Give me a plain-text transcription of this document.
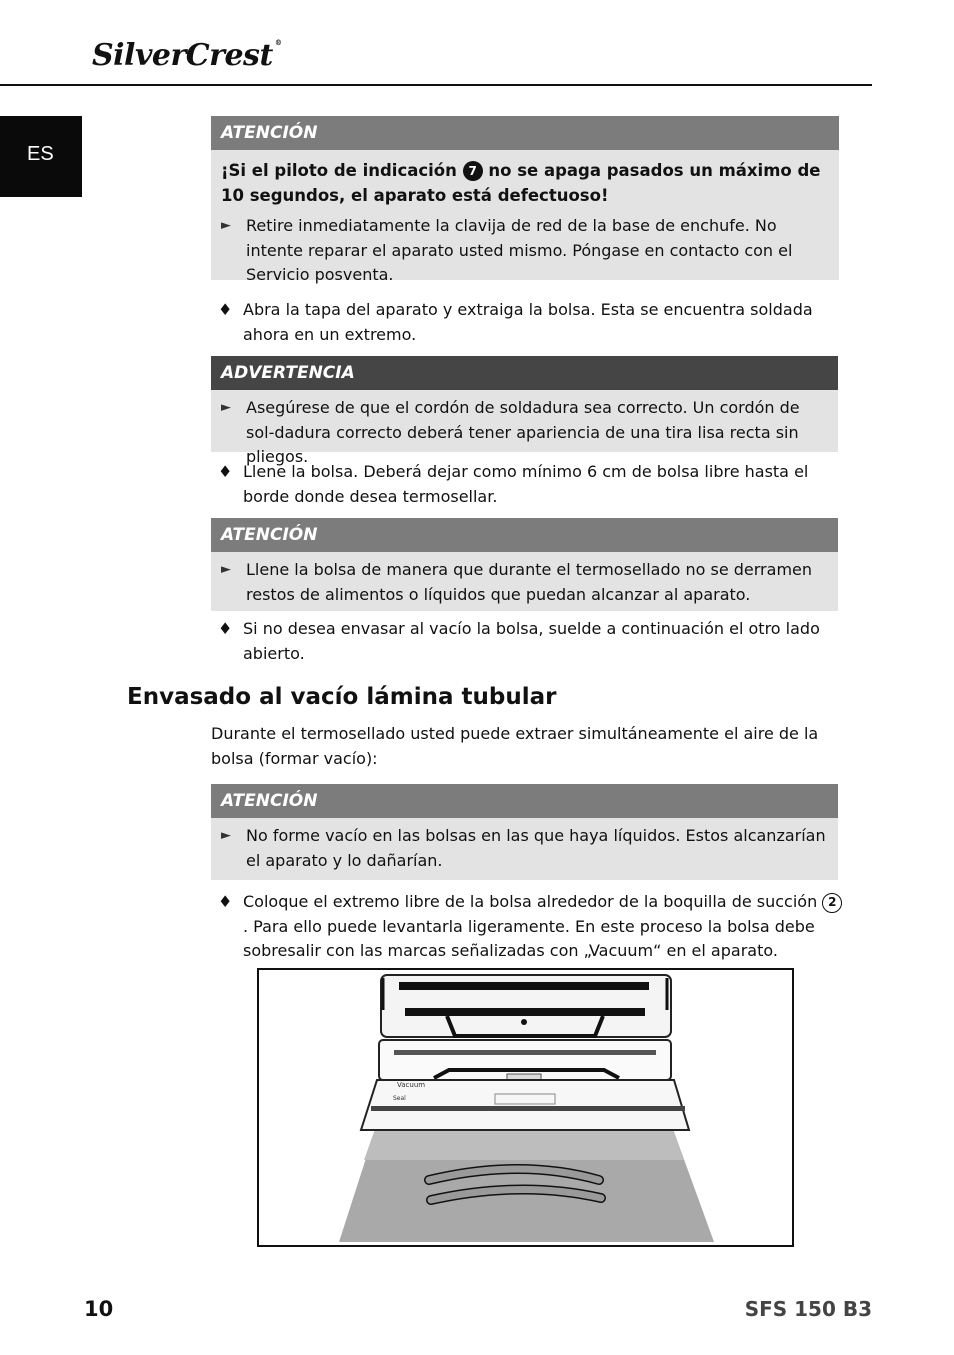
SilverCrest ®
ES
ATENCIÓN
¡Si el piloto de indicación 7 no se apaga pasados un máximo de 10 segundos, el aparato está defectuoso!
► Retire inmediatamente la clavija de red de la base de enchufe. No intente reparar el aparato usted mismo. Póngase en contacto con el Servicio posventa.
♦ Abra la tapa del aparato y extraiga la bolsa. Esta se encuentra soldada ahora en un extremo.
ADVERTENCIA
► Asegúrese de que el cordón de soldadura sea correcto. Un cordón de sol-dadura correcto deberá tener apariencia de una tira lisa recta sin pliegos.
♦ Llene la bolsa. Deberá dejar como mínimo 6 cm de bolsa libre hasta el borde donde desea termosellar.
ATENCIÓN
► Llene la bolsa de manera que durante el termosellado no se derramen restos de alimentos o líquidos que puedan alcanzar al aparato.
♦ Si no desea envasar al vacío la bolsa, suelde a continuación el otro lado abierto.
Envasado al vacío lámina tubular
Durante el termosellado usted puede extraer simultáneamente el aire de la bolsa (formar vacío):
ATENCIÓN
► No forme vacío en las bolsas en las que haya líquidos. Estos alcanzarían el aparato y lo dañarían.
♦ Coloque el extremo libre de la bolsa alrededor de la boquilla de succión 2. Para ello puede levantarla ligeramente. En este proceso la bolsa debe sobresalir con las marcas señalizadas con „Vacuum“ en el aparato.
Vacuum
Seal
10	SFS 150 B3
